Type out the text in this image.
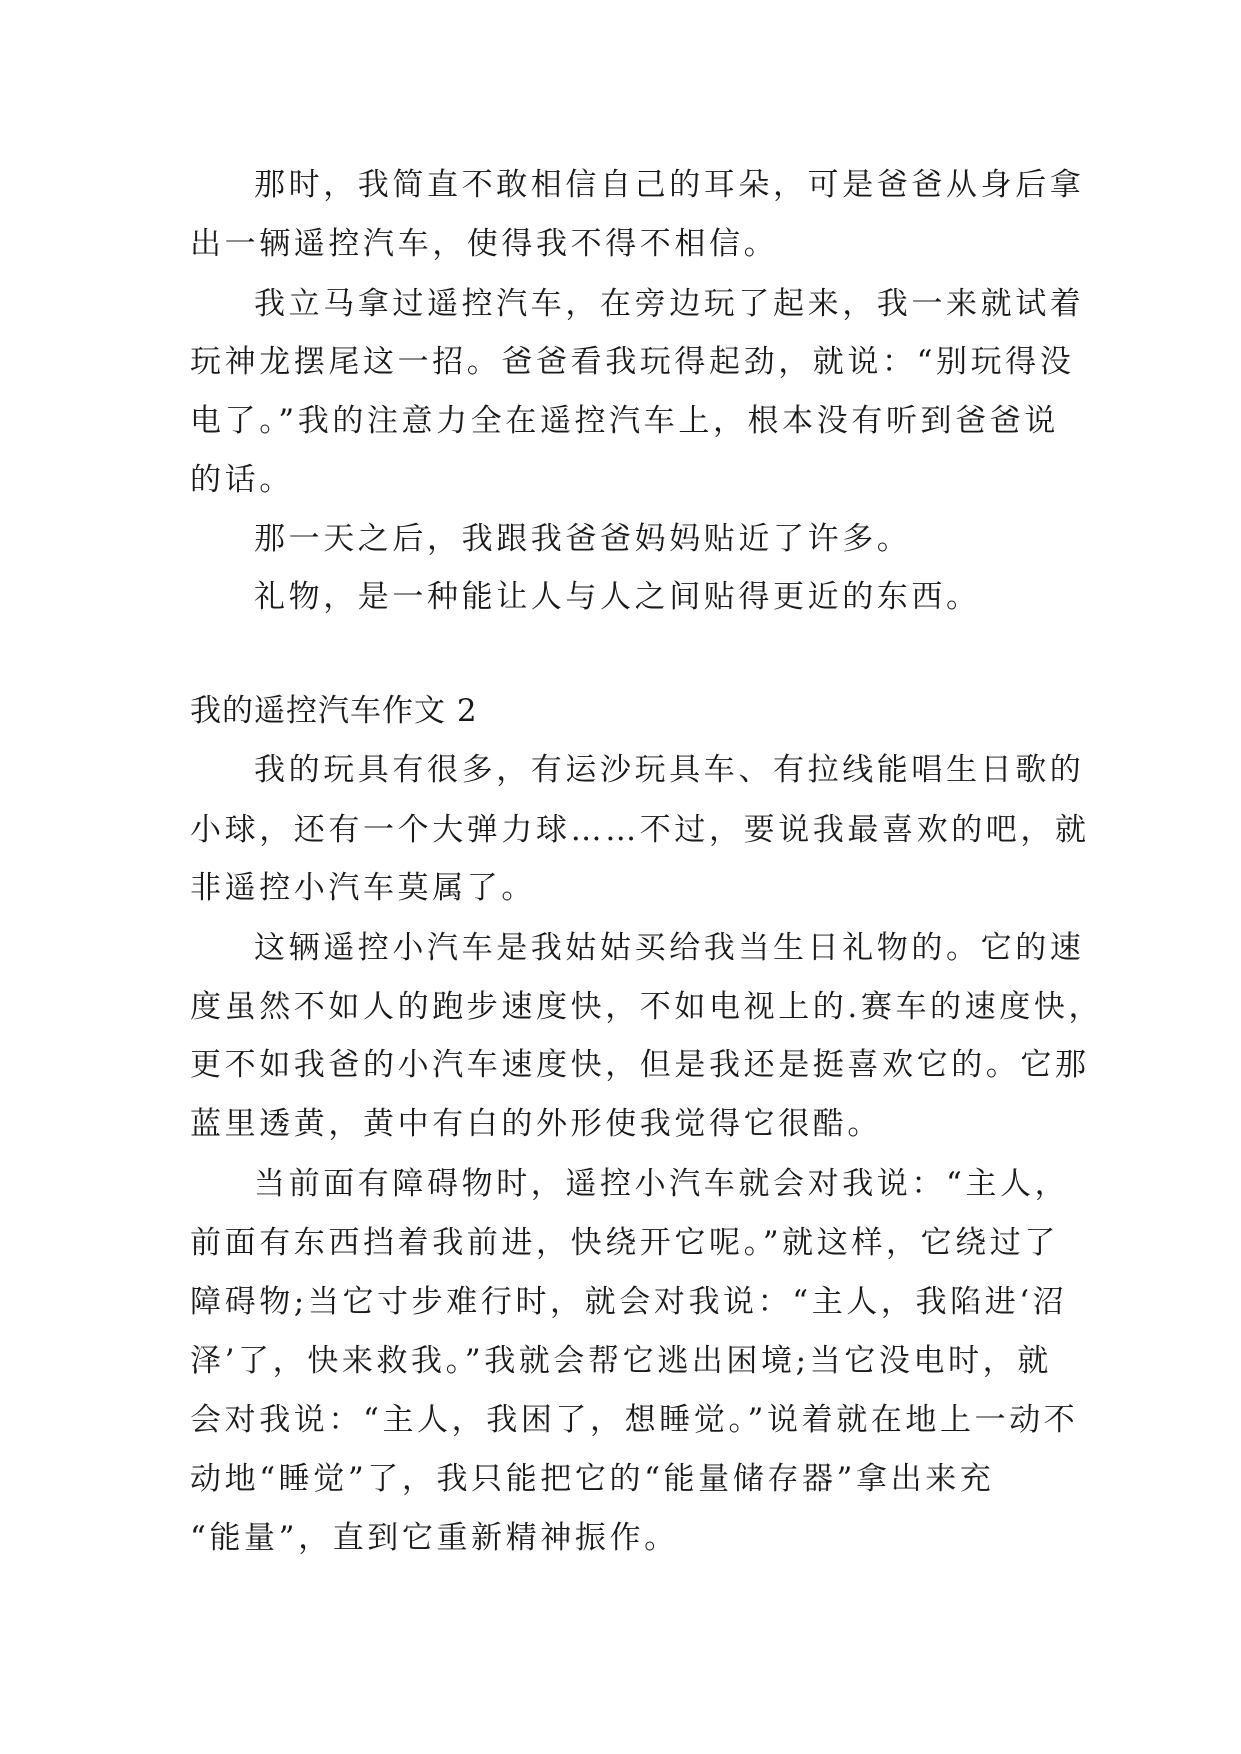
那时，我简直不敢相信自己的耳朵，可是爸爸从身后拿
出一辆遥控汽车，使得我不得不相信。
我立马拿过遥控汽车，在旁边玩了起来，我一来就试着
玩神龙摆尾这一招。爸爸看我玩得起劲，就说：“别玩得没
电了。”我的注意力全在遥控汽车上，根本没有听到爸爸说
的话。
那一天之后，我跟我爸爸妈妈贴近了许多。
礼物，是一种能让人与人之间贴得更近的东西。
我的遥控汽车作文 2
我的玩具有很多，有运沙玩具车、有拉线能唱生日歌的
小球，还有一个大弹力球……不过，要说我最喜欢的吧，就
非遥控小汽车莫属了。
这辆遥控小汽车是我姑姑买给我当生日礼物的。它的速
度虽然不如人的跑步速度快，不如电视上的.赛车的速度快，
更不如我爸的小汽车速度快，但是我还是挺喜欢它的。它那
蓝里透黄，黄中有白的外形使我觉得它很酷。
当前面有障碍物时，遥控小汽车就会对我说：“主人，
前面有东西挡着我前进，快绕开它呢。”就这样，它绕过了
障碍物;当它寸步难行时，就会对我说：“主人，我陷进‘沼
泽’了，快来救我。”我就会帮它逃出困境;当它没电时，就
会对我说：“主人，我困了，想睡觉。”说着就在地上一动不
动地“睡觉”了，我只能把它的“能量储存器”拿出来充
“能量”，直到它重新精神振作。
